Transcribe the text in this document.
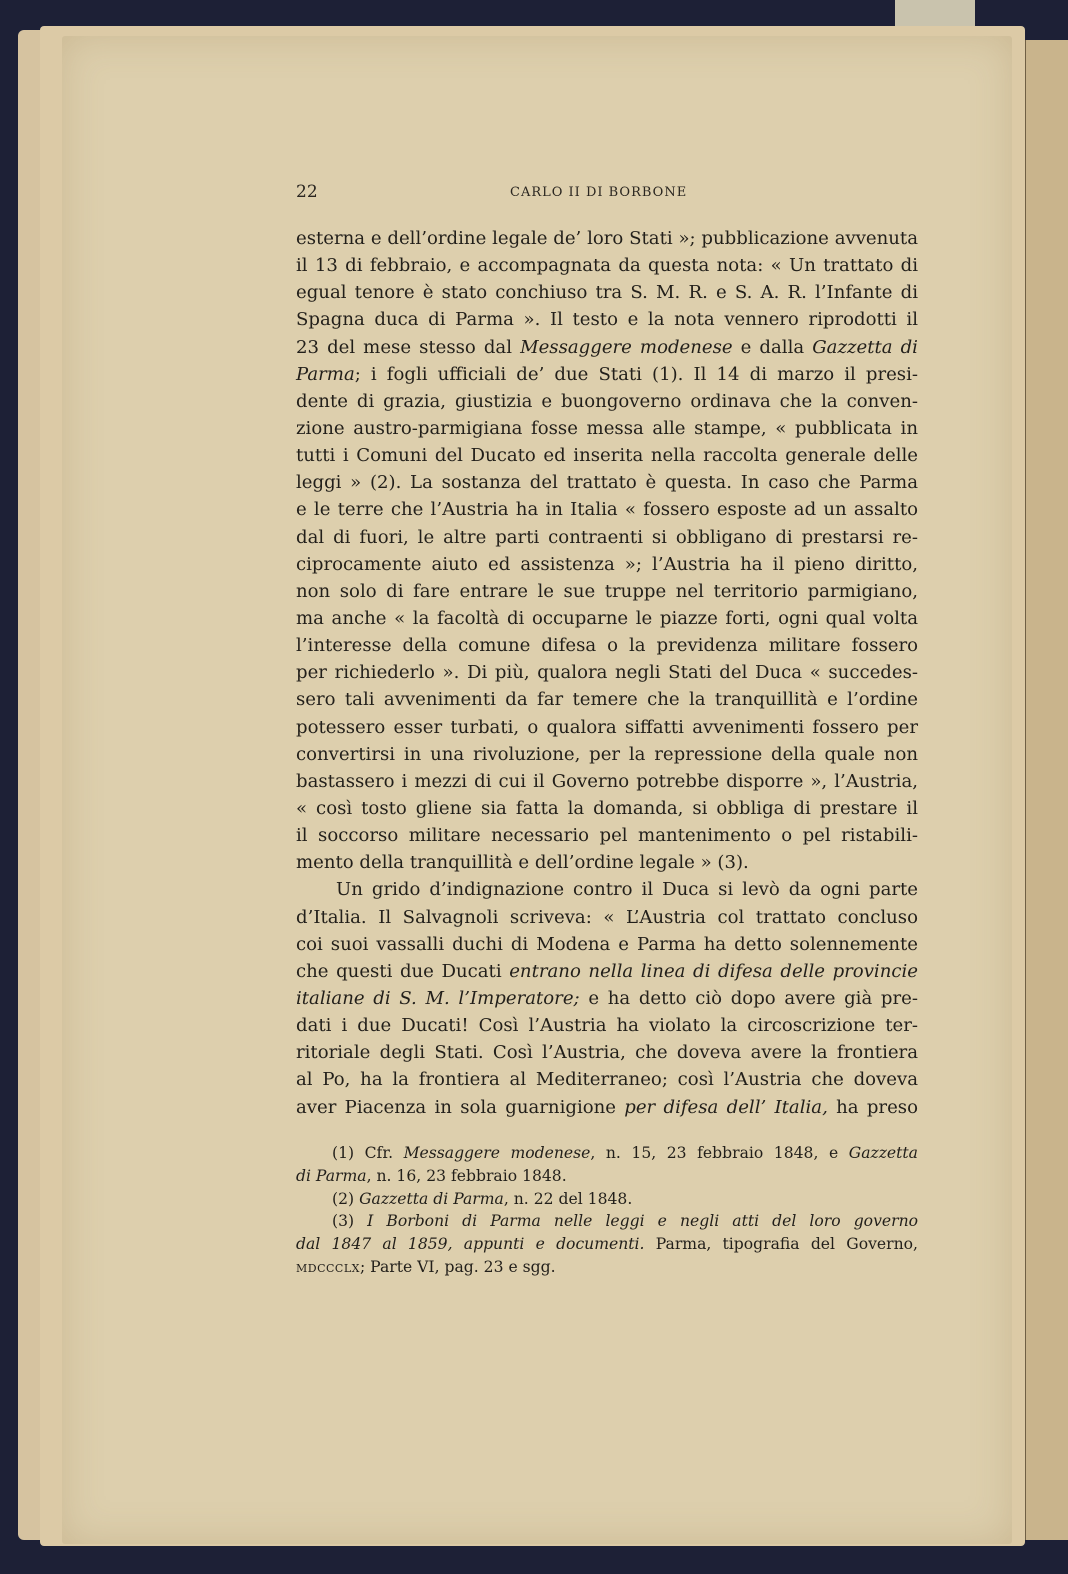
22	CARLO II DI BORBONE
esterna e dell’ordine legale de’ loro Stati »; pubblicazione avvenuta
il 13 di febbraio, e accompagnata da questa nota: « Un trattato di
egual tenore è stato conchiuso tra S. M. R. e S. A. R. l’Infante di
Spagna duca di Parma ». Il testo e la nota vennero riprodotti il
23 del mese stesso dal Messaggere modenese e dalla Gazzetta di
Parma; i fogli ufficiali de’ due Stati (1). Il 14 di marzo il presi-
dente di grazia, giustizia e buongoverno ordinava che la conven-
zione austro-parmigiana fosse messa alle stampe, « pubblicata in
tutti i Comuni del Ducato ed inserita nella raccolta generale delle
leggi » (2). La sostanza del trattato è questa. In caso che Parma
e le terre che l’Austria ha in Italia « fossero esposte ad un assalto
dal di fuori, le altre parti contraenti si obbligano di prestarsi re-
ciprocamente aiuto ed assistenza »; l’Austria ha il pieno diritto,
non solo di fare entrare le sue truppe nel territorio parmigiano,
ma anche « la facoltà di occuparne le piazze forti, ogni qual volta
l’interesse della comune difesa o la previdenza militare fossero
per richiederlo ». Di più, qualora negli Stati del Duca « succedes-
sero tali avvenimenti da far temere che la tranquillità e l’ordine
potessero esser turbati, o qualora siffatti avvenimenti fossero per
convertirsi in una rivoluzione, per la repressione della quale non
bastassero i mezzi di cui il Governo potrebbe disporre », l’Austria,
« così tosto gliene sia fatta la domanda, si obbliga di prestare il
il soccorso militare necessario pel mantenimento o pel ristabili-
mento della tranquillità e dell’ordine legale » (3).
Un grido d’indignazione contro il Duca si levò da ogni parte
d’Italia. Il Salvagnoli scriveva: « L’Austria col trattato concluso
coi suoi vassalli duchi di Modena e Parma ha detto solennemente
che questi due Ducati entrano nella linea di difesa delle provincie
italiane di S. M. l’Imperatore; e ha detto ciò dopo avere già pre-
dati i due Ducati! Così l’Austria ha violato la circoscrizione ter-
ritoriale degli Stati. Così l’Austria, che doveva avere la frontiera
al Po, ha la frontiera al Mediterraneo; così l’Austria che doveva
aver Piacenza in sola guarnigione per difesa dell’ Italia, ha preso
(1) Cfr. Messaggere modenese, n. 15, 23 febbraio 1848, e Gazzetta
di Parma, n. 16, 23 febbraio 1848.
(2) Gazzetta di Parma, n. 22 del 1848.
(3) I Borboni di Parma nelle leggi e negli atti del loro governo
dal 1847 al 1859, appunti e documenti. Parma, tipografia del Governo,
mdccclx; Parte VI, pag. 23 e sgg.
